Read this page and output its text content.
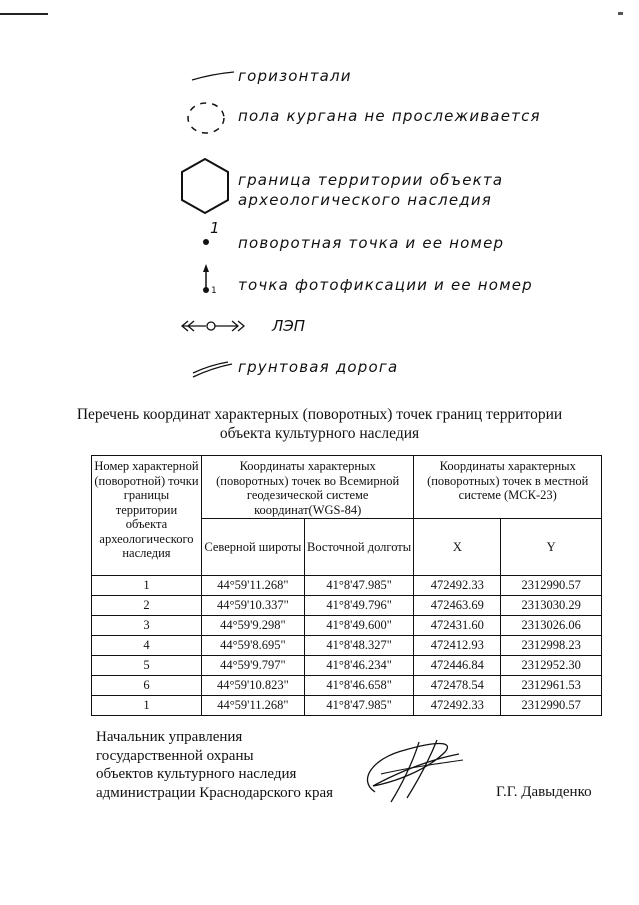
горизонтали
пола кургана не прослеживается
граница территории объекта
археологического наследия
1
поворотная точка и ее номер
1 точка фотофиксации и ее номер
ЛЭП
грунтовая дорога
Перечень координат характерных (поворотных) точек границ территории
объекта культурного наследия
Номер характерной (поворотной) точки границы территории объекта археологического наследия	Координаты характерных (поворотных) точек во Всемирной геодезической системе координат(WGS-84)		Координаты характерных (поворотных) точек в местной системе (МСК-23)	
	Северной широты	Восточной долготы	X	Y
1	44°59'11.268"	41°8'47.985"	472492.33	2312990.57
2	44°59'10.337"	41°8'49.796"	472463.69	2313030.29
3	44°59'9.298"	41°8'49.600"	472431.60	2313026.06
4	44°59'8.695"	41°8'48.327"	472412.93	2312998.23
5	44°59'9.797"	41°8'46.234"	472446.84	2312952.30
6	44°59'10.823"	41°8'46.658"	472478.54	2312961.53
1	44°59'11.268"	41°8'47.985"	472492.33	2312990.57
Начальник управления
государственной охраны
объектов культурного наследия
администрации Краснодарского края	Г.Г. Давыденко
